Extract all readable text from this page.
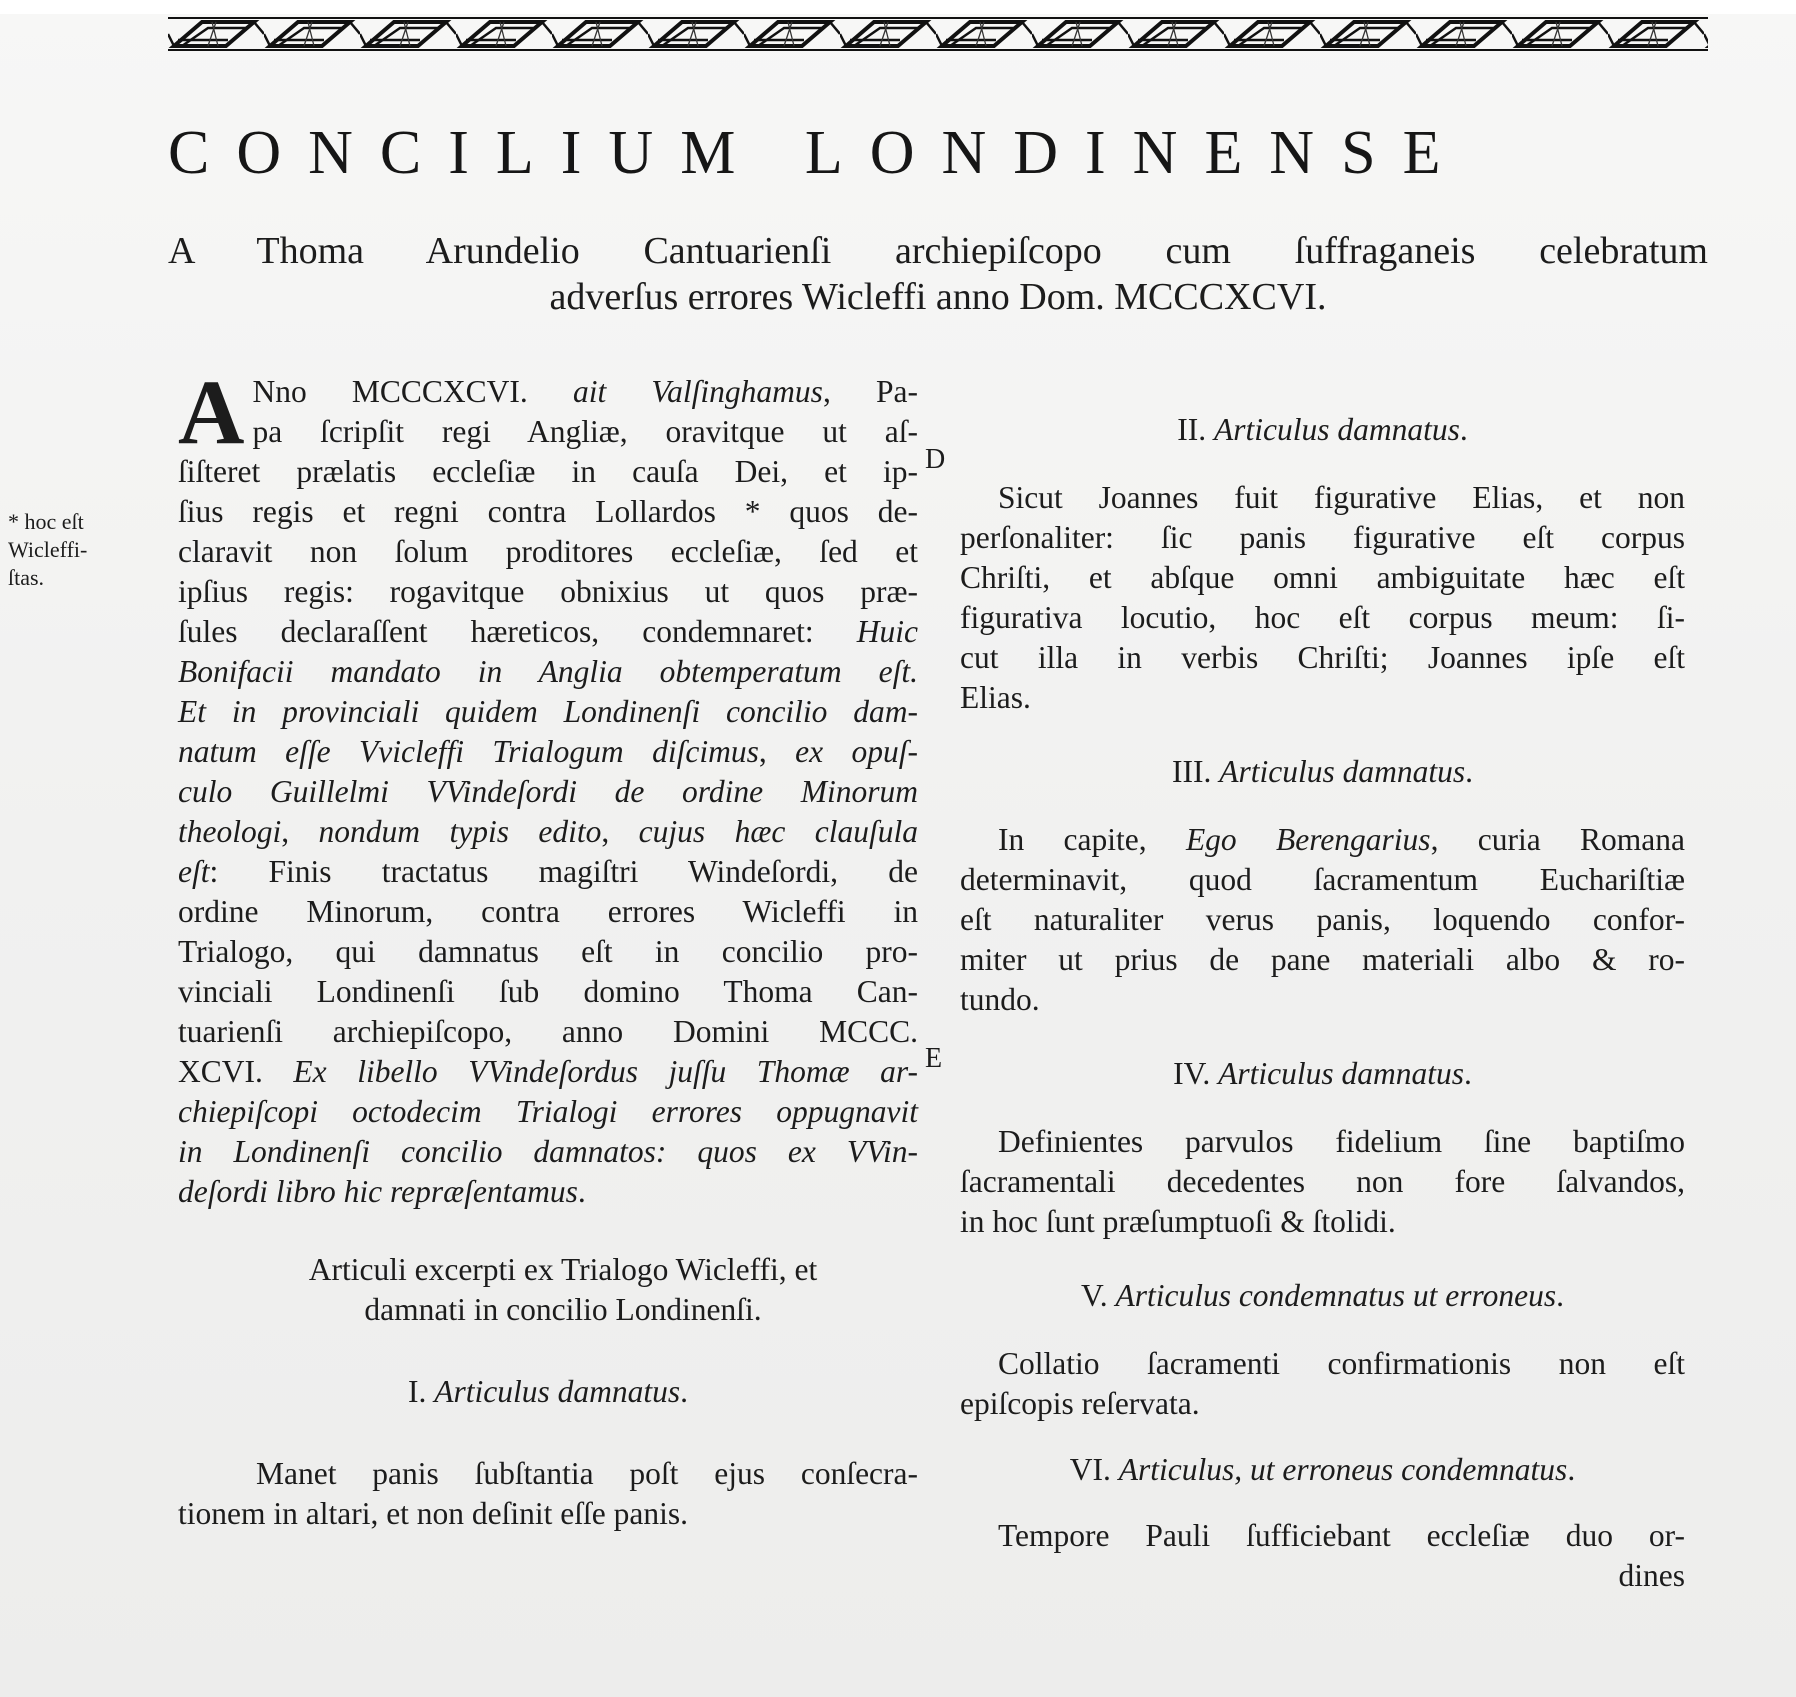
CONCILIUM LONDINENSE
A Thoma Arundelio Cantuarienſi archiepiſcopo cum ſuffraganeis celebratum
adverſus errores Wicleffi anno Dom. MCCCXCVI.
* hoc eſt
Wicleffi-
ſtas.
D
E
A Nno MCCCXCVI. ait Valſinghamus, Pa-
pa ſcripſit regi Angliæ, oravitque ut aſ-
ſiſteret prælatis eccleſiæ in cauſa Dei, et ip-
ſius regis et regni contra Lollardos * quos de-
claravit non ſolum proditores eccleſiæ, ſed et
ipſius regis: rogavitque obnixius ut quos præ-
ſules declaraſſent hæreticos, condemnaret: Huic
Bonifacii mandato in Anglia obtemperatum eſt.
Et in provinciali quidem Londinenſi concilio dam-
natum eſſe Vvicleffi Trialogum diſcimus, ex opuſ-
culo Guillelmi VVindeſordi de ordine Minorum
theologi, nondum typis edito, cujus hæc clauſula
eſt: Finis tractatus magiſtri Windeſordi, de
ordine Minorum, contra errores Wicleffi in
Trialogo, qui damnatus eſt in concilio pro-
vinciali Londinenſi ſub domino Thoma Can-
tuarienſi archiepiſcopo, anno Domini MCCC.
XCVI. Ex libello VVindeſordus juſſu Thomæ ar-
chiepiſcopi octodecim Trialogi errores oppugnavit
in Londinenſi concilio damnatos: quos ex VVin-
deſordi libro hic repræſentamus.
Articuli excerpti ex Trialogo Wicleffi, et
damnati in concilio Londinenſi.
I. Articulus damnatus.
Manet panis ſubſtantia poſt ejus conſecra-
tionem in altari, et non deſinit eſſe panis.
II. Articulus damnatus.
Sicut Joannes fuit figurative Elias, et non
perſonaliter: ſic panis figurative eſt corpus
Chriſti, et abſque omni ambiguitate hæc eſt
figurativa locutio, hoc eſt corpus meum: ſi-
cut illa in verbis Chriſti; Joannes ipſe eſt
Elias.
III. Articulus damnatus.
In capite, Ego Berengarius, curia Romana
determinavit, quod ſacramentum Euchariſtiæ
eſt naturaliter verus panis, loquendo confor-
miter ut prius de pane materiali albo & ro-
tundo.
IV. Articulus damnatus.
Definientes parvulos fidelium ſine baptiſmo
ſacramentali decedentes non fore ſalvandos,
in hoc ſunt præſumptuoſi & ſtolidi.
V. Articulus condemnatus ut erroneus.
Collatio ſacramenti confirmationis non eſt
epiſcopis reſervata.
VI. Articulus, ut erroneus condemnatus.
Tempore Pauli ſufficiebant eccleſiæ duo or-
dines
